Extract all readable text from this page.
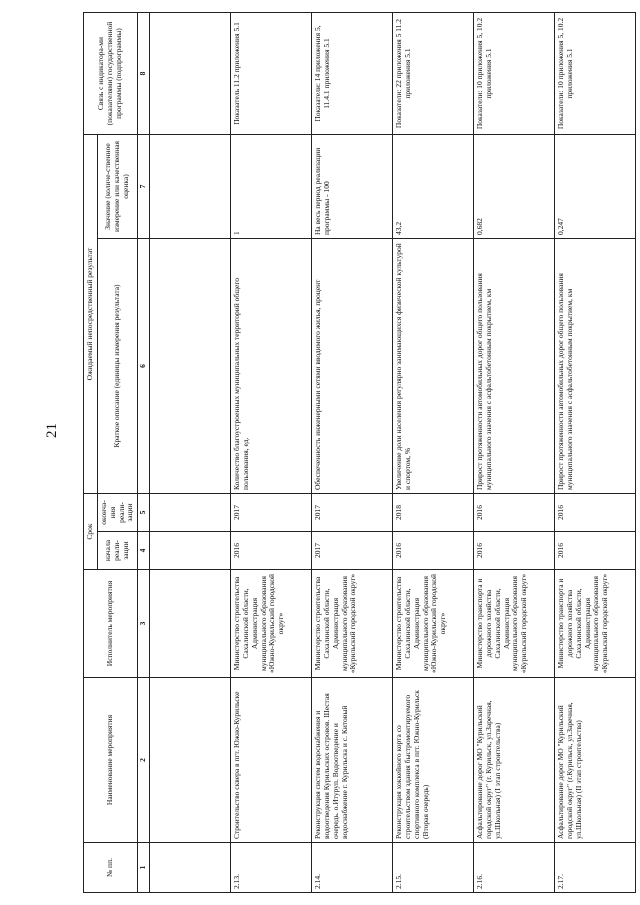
21
№ пп.	Наименование мероприятия	Исполнитель мероприятия	Срок		Ожидаемый непосредственный результат		Связь с индикатора-ми (показателями) государственной программы (подпрограммы)
			начала реали-зации	оконча-ния реали-зации	Краткое описание (единицы измерения результата)	Значение (количе-ственное измерение или качественная оценка)	
1	2	3	4	5	6	7	8

2.13.	Строительство сквера в пгт. Южно-Курильске	Министерство строительства Сахалинской области, Администрация муниципального образования «Южно-Курильский городской округ»	2016	2017	Количество благоустроенных муниципальных территорий общего пользования, ед.	1	Показатель 11.2 приложения 5.1
2.14.	Реконструкция систем водоснабжения и водоотведения Курильских островов. Шестая очередь. о.Итуруп. Водоотведение и водоснабжение г. Курильска и с. Китовый	Министерство строительства Сахалинской области, Администрация муниципального образования «Курильский городской округ»	2017	2017	Обеспеченность инженерными сетями вводимого жилья, процент	На весь период реализации программы - 100	Показатели: 14 приложения 5, 11.4.1 приложения 5.1
2.15.	Реконструкция хоккейного корта со строительством здания быстромонтируемого спортивного комплекса в пгт. Южно-Курильск (Вторая очередь)	Министерство строительства Сахалинской области, Администрация муниципального образования «Южно-Курильский городской округ»	2016	2018	Увеличение доли населения регулярно занимающихся физической культурой и спортом, %	43,2	Показатели: 22 приложения 5 11.2 приложения 5.1
2.16.	Асфальтирование дорог МО "Курильский городской округ" (г. Курильск, ул.Заречная, ул.Школьная) (I этап строительства)	Министерство транспорта и дорожного хозяйства Сахалинской области, Администрация муниципального образования «Курильский городской округ»	2016	2016	Прирост протяженности автомобильных дорог общего пользования муниципального значения с асфальтобетонным покрытием, км	0,682	Показатели: 10 приложения 5, 10.2 приложения 5.1
2.17.	Асфальтирование дорог МО "Курильский городской округ" (г.Курильск, ул.Заречная, ул.Школьная) (II этап строительства)	Министерство транспорта и дорожного хозяйства Сахалинской области, Администрация муниципального образования «Курильский городской округ»	2016	2016	Прирост протяженности автомобильных дорог общего пользования муниципального значения с асфальтобетонным покрытием, км	0,247	Показатели: 10 приложения 5, 10.2 приложения 5.1
